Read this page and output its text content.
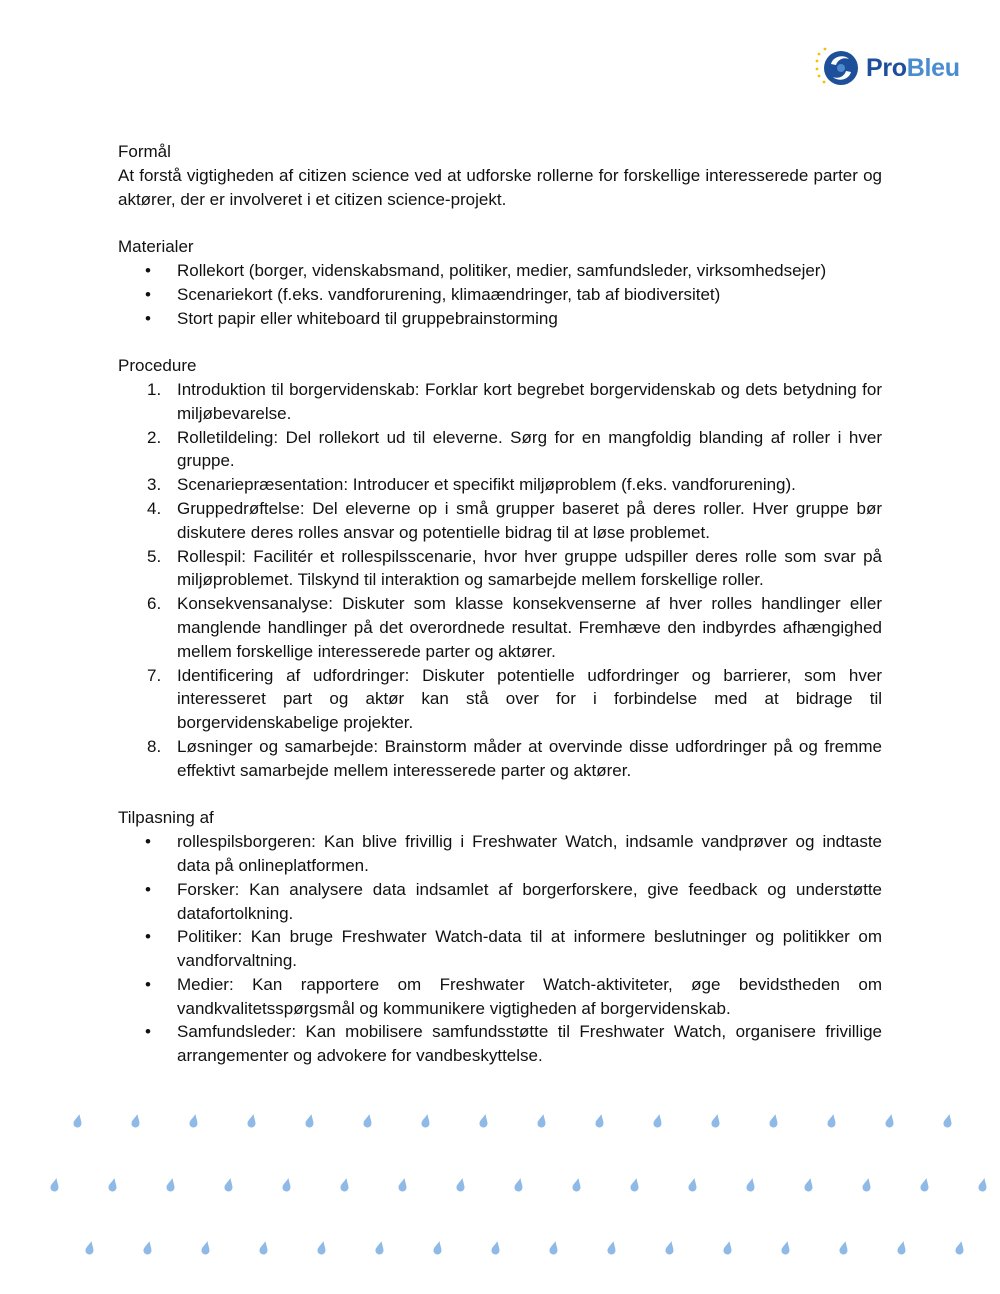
ProBleu

Formål

At forstå vigtigheden af citizen science ved at udforske rollerne for forskellige interesserede parter og aktører, der er involveret i et citizen science-projekt.

Materialer

• Rollekort (borger, videnskabsmand, politiker, medier, samfundsleder, virksomhedsejer)
• Scenariekort (f.eks. vandforurening, klimaændringer, tab af biodiversitet)
• Stort papir eller whiteboard til gruppebrainstorming

Procedure

1. Introduktion til borgervidenskab: Forklar kort begrebet borgervidenskab og dets betydning for miljøbevarelse.
2. Rolletildeling: Del rollekort ud til eleverne. Sørg for en mangfoldig blanding af roller i hver gruppe.
3. Scenariepræsentation: Introducer et specifikt miljøproblem (f.eks. vandforurening).
4. Gruppedrøftelse: Del eleverne op i små grupper baseret på deres roller. Hver gruppe bør diskutere deres rolles ansvar og potentielle bidrag til at løse problemet.
5. Rollespil: Facilitér et rollespilsscenarie, hvor hver gruppe udspiller deres rolle som svar på miljøproblemet. Tilskynd til interaktion og samarbejde mellem forskellige roller.
6. Konsekvensanalyse: Diskuter som klasse konsekvenserne af hver rolles handlinger eller manglende handlinger på det overordnede resultat. Fremhæve den indbyrdes afhængighed mellem forskellige interesserede parter og aktører.
7. Identificering af udfordringer: Diskuter potentielle udfordringer og barrierer, som hver interesseret part og aktør kan stå over for i forbindelse med at bidrage til borgervidenskabelige projekter.
8. Løsninger og samarbejde: Brainstorm måder at overvinde disse udfordringer på og fremme effektivt samarbejde mellem interesserede parter og aktører.

Tilpasning af

• rollespilsborgeren: Kan blive frivillig i Freshwater Watch, indsamle vandprøver og indtaste data på onlineplatformen.
• Forsker: Kan analysere data indsamlet af borgerforskere, give feedback og understøtte datafortolkning.
• Politiker: Kan bruge Freshwater Watch-data til at informere beslutninger og politikker om vandforvaltning.
• Medier: Kan rapportere om Freshwater Watch-aktiviteter, øge bevidstheden om vandkvalitetsspørgsmål og kommunikere vigtigheden af borgervidenskab.
• Samfundsleder: Kan mobilisere samfundsstøtte til Freshwater Watch, organisere frivillige arrangementer og advokere for vandbeskyttelse.
